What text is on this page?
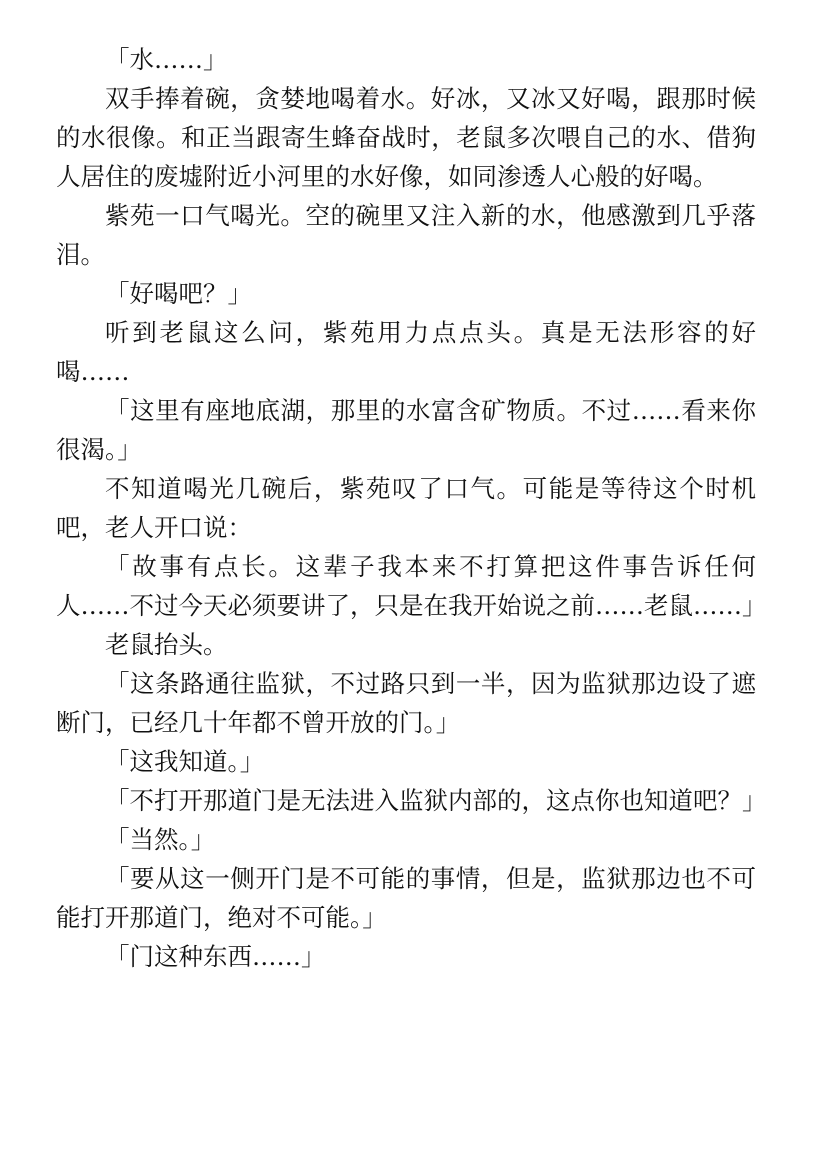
「水……」

双手捧着碗，贪婪地喝着水。好冰，又冰又好喝，跟那时候的水很像。和正当跟寄生蜂奋战时，老鼠多次喂自己的水、借狗人居住的废墟附近小河里的水好像，如同渗透人心般的好喝。

紫苑一口气喝光。空的碗里又注入新的水，他感激到几乎落泪。

「好喝吧？」

听到老鼠这么问，紫苑用力点点头。真是无法形容的好喝……

「这里有座地底湖，那里的水富含矿物质。不过……看来你很渴。」

不知道喝光几碗后，紫苑叹了口气。可能是等待这个时机吧，老人开口说：

「故事有点长。这辈子我本来不打算把这件事告诉任何人……不过今天必须要讲了，只是在我开始说之前……老鼠……」

老鼠抬头。

「这条路通往监狱，不过路只到一半，因为监狱那边设了遮断门，已经几十年都不曾开放的门。」

「这我知道。」

「不打开那道门是无法进入监狱内部的，这点你也知道吧？」

「当然。」

「要从这一侧开门是不可能的事情，但是，监狱那边也不可能打开那道门，绝对不可能。」

「门这种东西……」
